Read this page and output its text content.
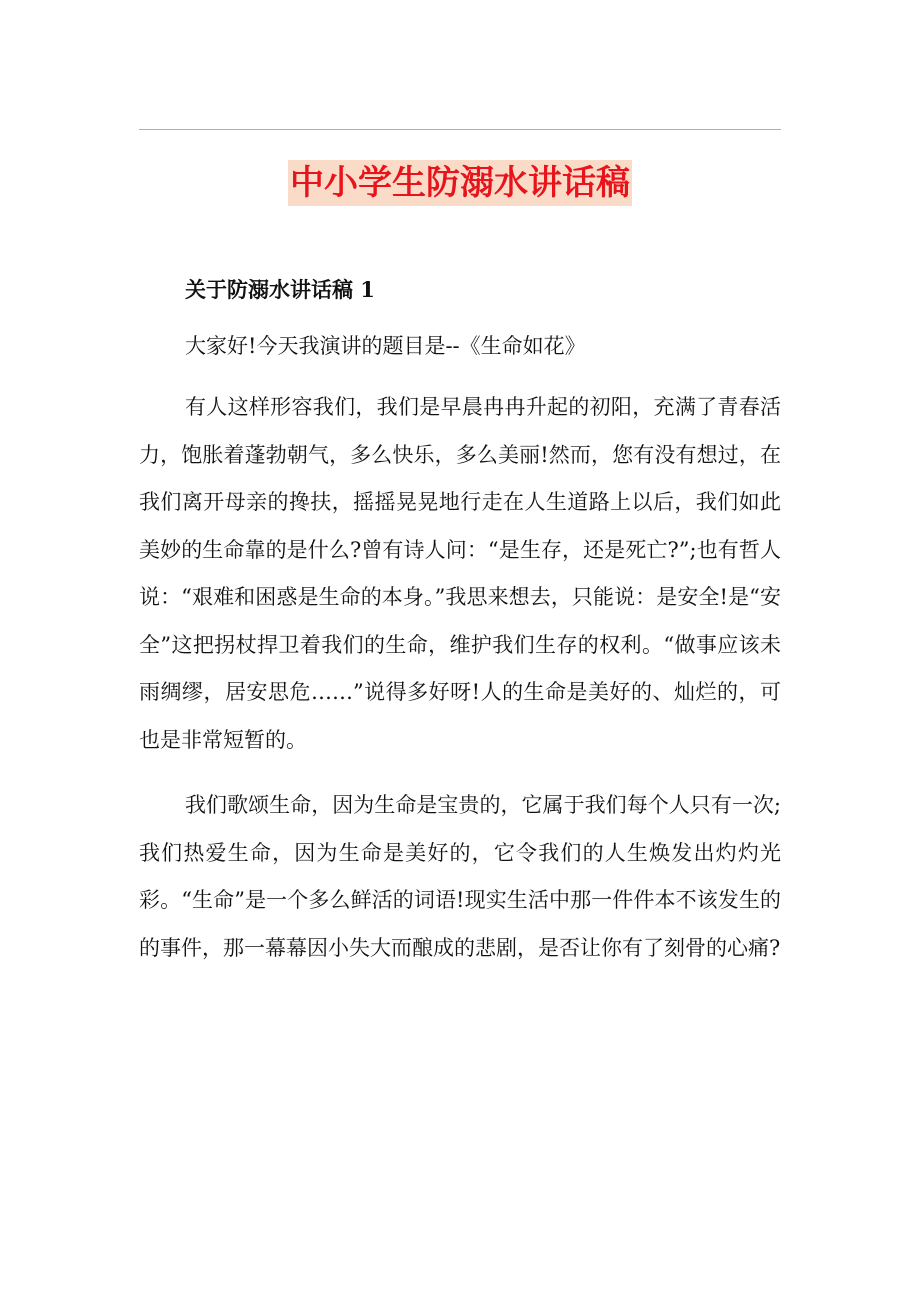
中小学生防溺水讲话稿
关于防溺水讲话稿 1

大家好!今天我演讲的题目是--《生命如花》

有人这样形容我们，我们是早晨冉冉升起的初阳，充满了青春活力，饱胀着蓬勃朝气，多么快乐，多么美丽!然而，您有没有想过，在我们离开母亲的搀扶，摇摇晃晃地行走在人生道路上以后，我们如此美妙的生命靠的是什么?曾有诗人问：“是生存，还是死亡?”;也有哲人说：“艰难和困惑是生命的本身。”我思来想去，只能说：是安全!是“安全”这把拐杖捍卫着我们的生命，维护我们生存的权利。“做事应该未雨绸缪，居安思危……”说得多好呀!人的生命是美好的、灿烂的，可也是非常短暂的。

我们歌颂生命，因为生命是宝贵的，它属于我们每个人只有一次;我们热爱生命，因为生命是美好的，它令我们的人生焕发出灼灼光彩。“生命”是一个多么鲜活的词语!现实生活中那一件件本不该发生的的事件，那一幕幕因小失大而酿成的悲剧，是否让你有了刻骨的心痛?
